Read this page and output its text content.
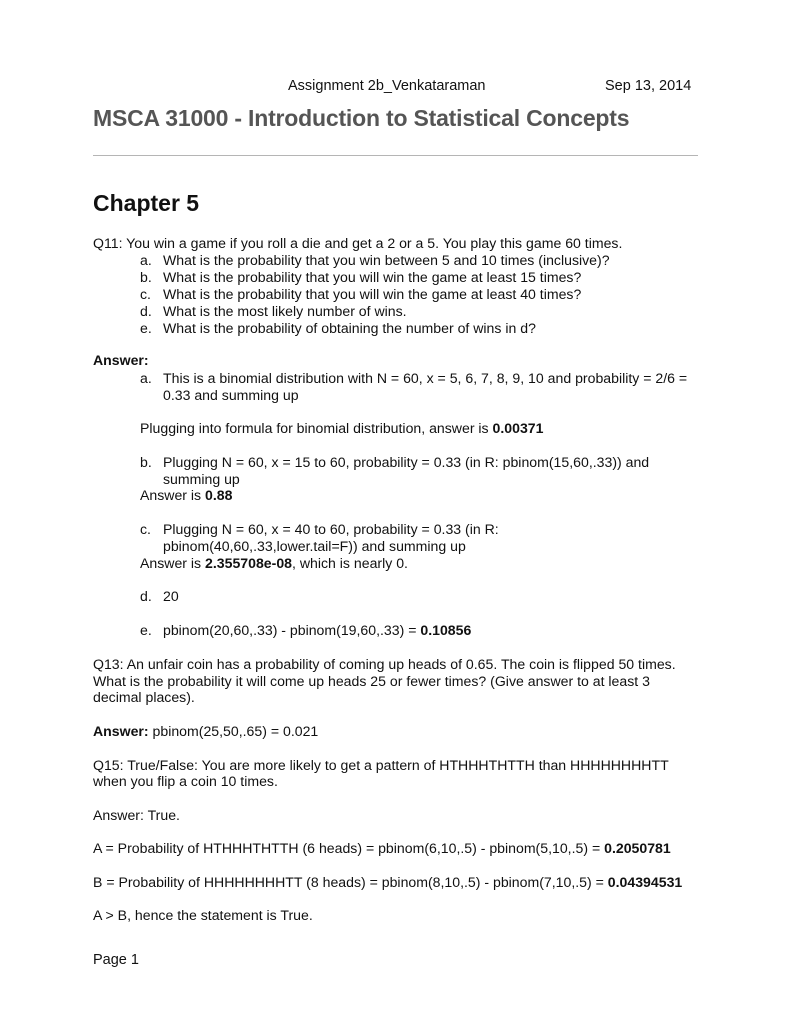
Assignment 2b_Venkataraman	Sep 13, 2014
MSCA 31000 - Introduction to Statistical Concepts
Chapter 5
Q11: You win a game if you roll a die and get a 2 or a 5. You play this game 60 times.
a. What is the probability that you win between 5 and 10 times (inclusive)?
b. What is the probability that you will win the game at least 15 times?
c. What is the probability that you will win the game at least 40 times?
d. What is the most likely number of wins.
e. What is the probability of obtaining the number of wins in d?
Answer:
a. This is a binomial distribution with N = 60, x = 5, 6, 7, 8, 9, 10 and probability = 2/6 =
0.33 and summing up
Plugging into formula for binomial distribution, answer is 0.00371
b. Plugging N = 60, x = 15 to 60, probability = 0.33 (in R: pbinom(15,60,.33)) and
summing up
Answer is 0.88
c. Plugging N = 60, x = 40 to 60, probability = 0.33 (in R:
pbinom(40,60,.33,lower.tail=F)) and summing up
Answer is 2.355708e-08, which is nearly 0.
d. 20
e. pbinom(20,60,.33) - pbinom(19,60,.33) = 0.10856
Q13: An unfair coin has a probability of coming up heads of 0.65. The coin is flipped 50 times.
What is the probability it will come up heads 25 or fewer times? (Give answer to at least 3
decimal places).
Answer: pbinom(25,50,.65) = 0.021
Q15: True/False: You are more likely to get a pattern of HTHHHTHTTH than HHHHHHHHTT
when you flip a coin 10 times.
Answer: True.
A = Probability of HTHHHTHTTH (6 heads) = pbinom(6,10,.5) - pbinom(5,10,.5) = 0.2050781
B = Probability of HHHHHHHHTT (8 heads) = pbinom(8,10,.5) - pbinom(7,10,.5) = 0.04394531
A > B, hence the statement is True.
Page 1
